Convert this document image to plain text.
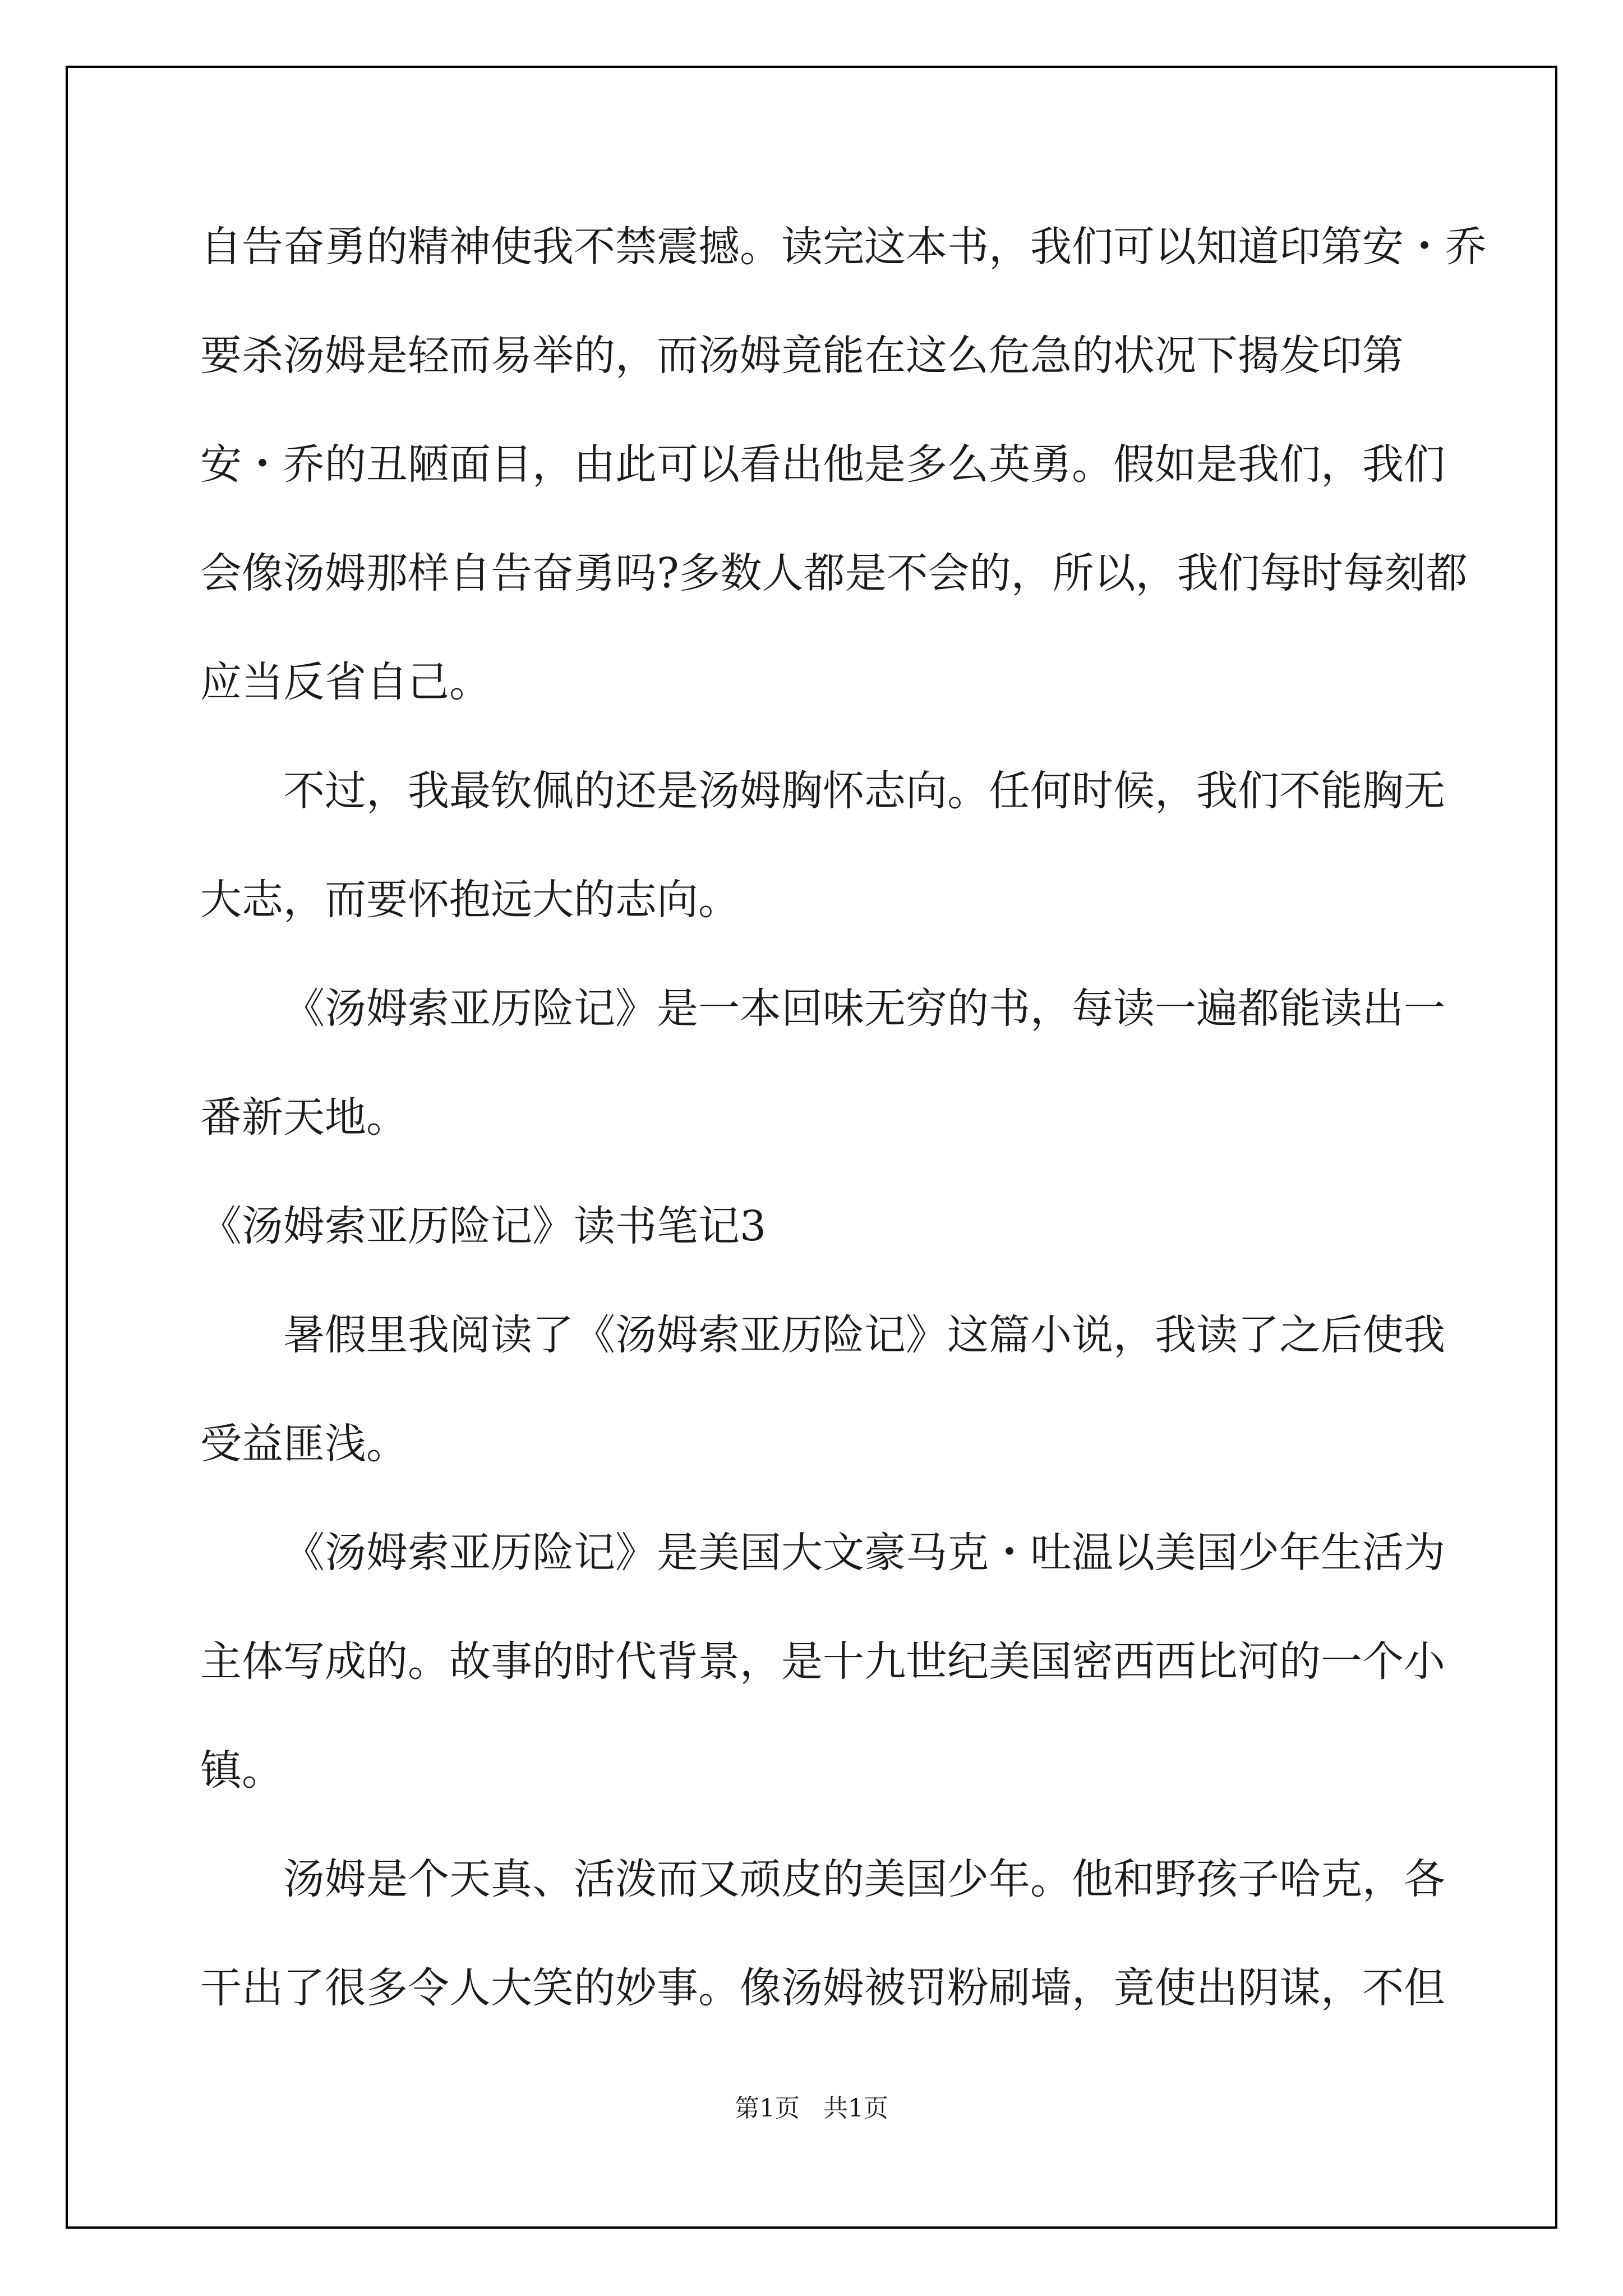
自告奋勇的精神使我不禁震撼。读完这本书，我们可以知道印第安・乔
要杀汤姆是轻而易举的，而汤姆竟能在这么危急的状况下揭发印第
安・乔的丑陋面目，由此可以看出他是多么英勇。假如是我们，我们
会像汤姆那样自告奋勇吗?多数人都是不会的，所以，我们每时每刻都
应当反省自己。
不过，我最钦佩的还是汤姆胸怀志向。任何时候，我们不能胸无
大志，而要怀抱远大的志向。
《汤姆索亚历险记》是一本回味无穷的书，每读一遍都能读出一
番新天地。
《汤姆索亚历险记》读书笔记3
暑假里我阅读了《汤姆索亚历险记》这篇小说，我读了之后使我
受益匪浅。
《汤姆索亚历险记》是美国大文豪马克・吐温以美国少年生活为
主体写成的。故事的时代背景，是十九世纪美国密西西比河的一个小
镇。
汤姆是个天真、活泼而又顽皮的美国少年。他和野孩子哈克，各
干出了很多令人大笑的妙事。像汤姆被罚粉刷墙，竟使出阴谋，不但
第1页   共1页
